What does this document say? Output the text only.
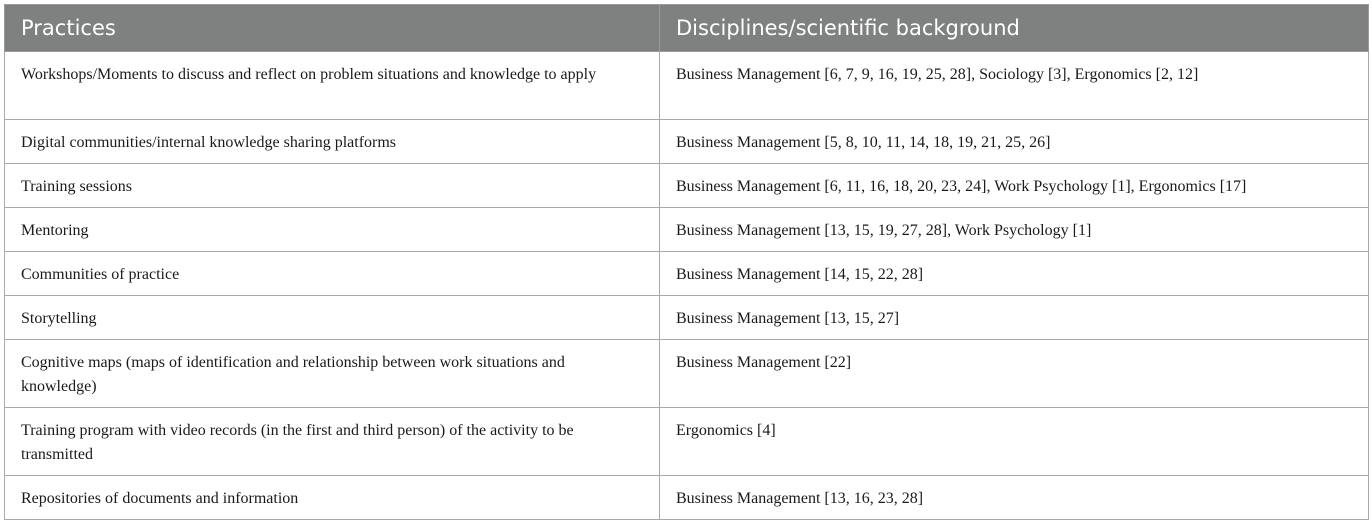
Practices	Disciplines/scientific background
Workshops/Moments to discuss and reflect on problem situations and knowledge to apply	Business Management [6, 7, 9, 16, 19, 25, 28], Sociology [3], Ergonomics [2, 12]
Digital communities/internal knowledge sharing platforms	Business Management [5, 8, 10, 11, 14, 18, 19, 21, 25, 26]
Training sessions	Business Management [6, 11, 16, 18, 20, 23, 24], Work Psychology [1], Ergonomics [17]
Mentoring	Business Management [13, 15, 19, 27, 28], Work Psychology [1]
Communities of practice	Business Management [14, 15, 22, 28]
Storytelling	Business Management [13, 15, 27]
Cognitive maps (maps of identification and relationship between work situations and knowledge)	Business Management [22]
Training program with video records (in the first and third person) of the activity to be transmitted	Ergonomics [4]
Repositories of documents and information	Business Management [13, 16, 23, 28]
